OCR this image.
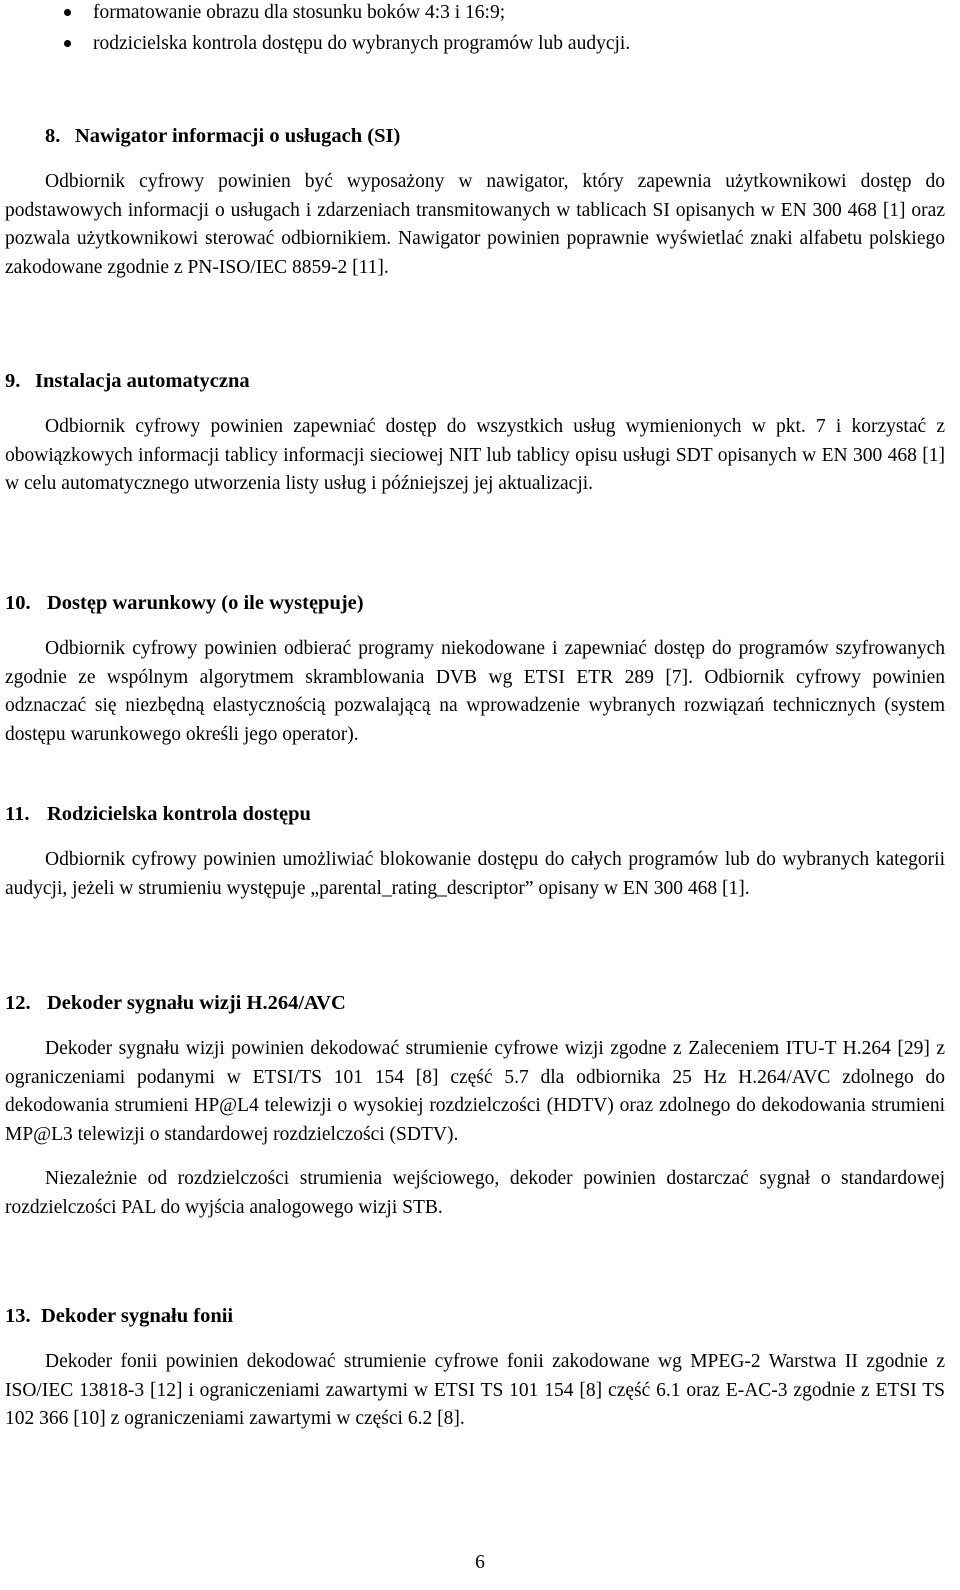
formatowanie obrazu dla stosunku boków 4:3 i 16:9;
rodzicielska kontrola dostępu do wybranych programów lub audycji.
8. Nawigator informacji o usługach (SI)

Odbiornik cyfrowy powinien być wyposażony w nawigator, który zapewnia użytkownikowi dostęp do podstawowych informacji o usługach i zdarzeniach transmitowanych w tablicach SI opisanych w EN 300 468 [1] oraz pozwala użytkownikowi sterować odbiornikiem. Nawigator powinien poprawnie wyświetlać znaki alfabetu polskiego zakodowane zgodnie z PN-ISO/IEC 8859-2 [11].

9. Instalacja automatyczna

Odbiornik cyfrowy powinien zapewniać dostęp do wszystkich usług wymienionych w pkt. 7 i korzystać z obowiązkowych informacji tablicy informacji sieciowej NIT lub tablicy opisu usługi SDT opisanych w EN 300 468 [1] w celu automatycznego utworzenia listy usług i późniejszej jej aktualizacji.

10. Dostęp warunkowy (o ile występuje)

Odbiornik cyfrowy powinien odbierać programy niekodowane i zapewniać dostęp do programów szyfrowanych zgodnie ze wspólnym algorytmem skramblowania DVB wg ETSI ETR 289 [7]. Odbiornik cyfrowy powinien odznaczać się niezbędną elastycznością pozwalającą na wprowadzenie wybranych rozwiązań technicznych (system dostępu warunkowego określi jego operator).

11. Rodzicielska kontrola dostępu

Odbiornik cyfrowy powinien umożliwiać blokowanie dostępu do całych programów lub do wybranych kategorii audycji, jeżeli w strumieniu występuje „parental_rating_descriptor” opisany w EN 300 468 [1].

12. Dekoder sygnału wizji H.264/AVC

Dekoder sygnału wizji powinien dekodować strumienie cyfrowe wizji zgodne z Zaleceniem ITU-T H.264 [29] z ograniczeniami podanymi w ETSI/TS 101 154 [8] część 5.7 dla odbiornika 25 Hz H.264/AVC zdolnego do dekodowania strumieni HP@L4 telewizji o wysokiej rozdzielczości (HDTV) oraz zdolnego do dekodowania strumieni MP@L3 telewizji o standardowej rozdzielczości (SDTV).

Niezależnie od rozdzielczości strumienia wejściowego, dekoder powinien dostarczać sygnał o standardowej rozdzielczości PAL do wyjścia analogowego wizji STB.

13. Dekoder sygnału fonii

Dekoder fonii powinien dekodować strumienie cyfrowe fonii zakodowane wg MPEG-2 Warstwa II zgodnie z ISO/IEC 13818-3 [12] i ograniczeniami zawartymi w ETSI TS 101 154 [8] część 6.1 oraz E-AC-3 zgodnie z ETSI TS 102 366 [10] z ograniczeniami zawartymi w części 6.2 [8].

6
